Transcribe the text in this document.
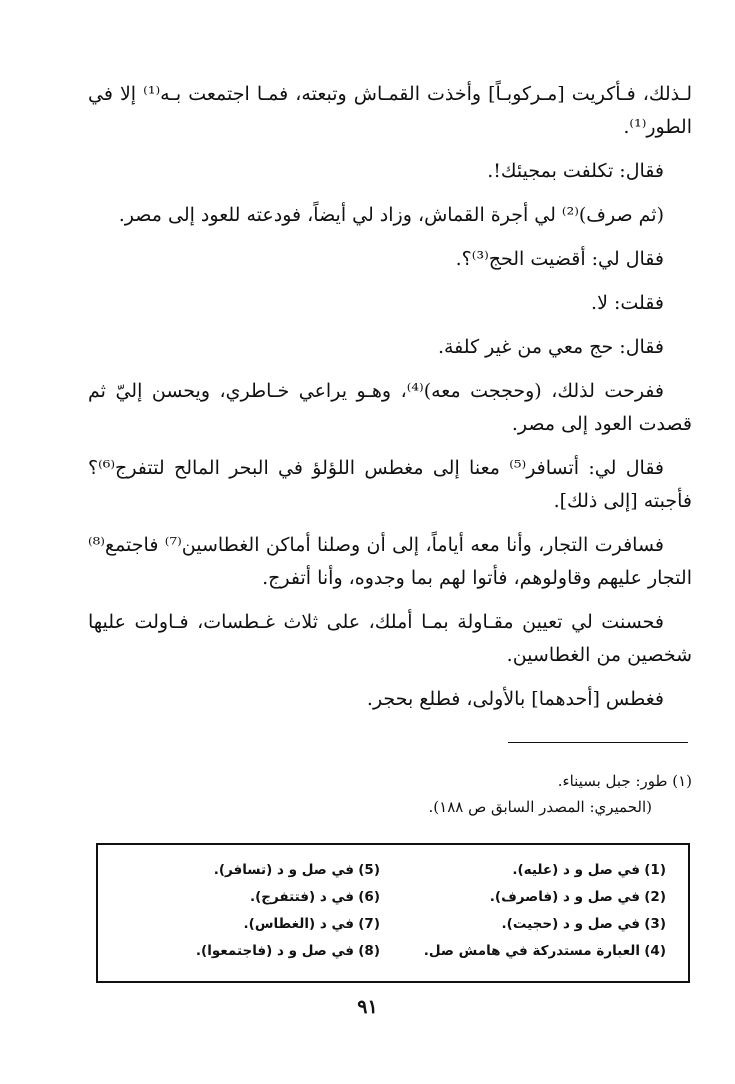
لـذلك، فـأكريت [مـركوبـاً] وأخذت القمـاش وتبعته، فمـا اجتمعت بـه⁽¹⁾ إلا في الطور⁽¹⁾.

فقال: تكلفت بمجيئك!.

(ثم صرف)⁽²⁾ لي أجرة القماش، وزاد لي أيضاً، فودعته للعود إلى مصر.

فقال لي: أقضيت الحج⁽³⁾؟.

فقلت: لا.

فقال: حج معي من غير كلفة.

ففرحت لذلك، (وحججت معه)⁽⁴⁾، وهـو يراعي خـاطري، ويحسن إليّ ثم قصدت العود إلى مصر.

فقال لي: أتسافر⁽⁵⁾ معنا إلى مغطس اللؤلؤ في البحر المالح لتتفرج⁽⁶⁾؟ فأجبته [إلى ذلك].

فسافرت التجار، وأنا معه أياماً، إلى أن وصلنا أماكن الغطاسين⁽⁷⁾ فاجتمع⁽⁸⁾ التجار عليهم وقاولوهم، فأتوا لهم بما وجدوه، وأنا أتفرج.

فحسنت لي تعيين مقـاولة بمـا أملك، على ثلاث غـطسات، فـاولت عليها شخصين من الغطاسين.

فغطس [أحدهما] بالأولى، فطلع بحجر.

(١) طور: جبل بسيناء.
(الحميري: المصدر السابق ص ١٨٨).
(1)في صل و د (عليه).
(2)في صل و د (فاصرف).
(3)في صل و د (حجيت).
(4)العبارة مستدركة في هامش صل.
(5)في صل و د (تسافر).
(6)في د (فتتفرج).
(7)في د (الغطاس).
(8)في صل و د (فاجتمعوا).
٩١
